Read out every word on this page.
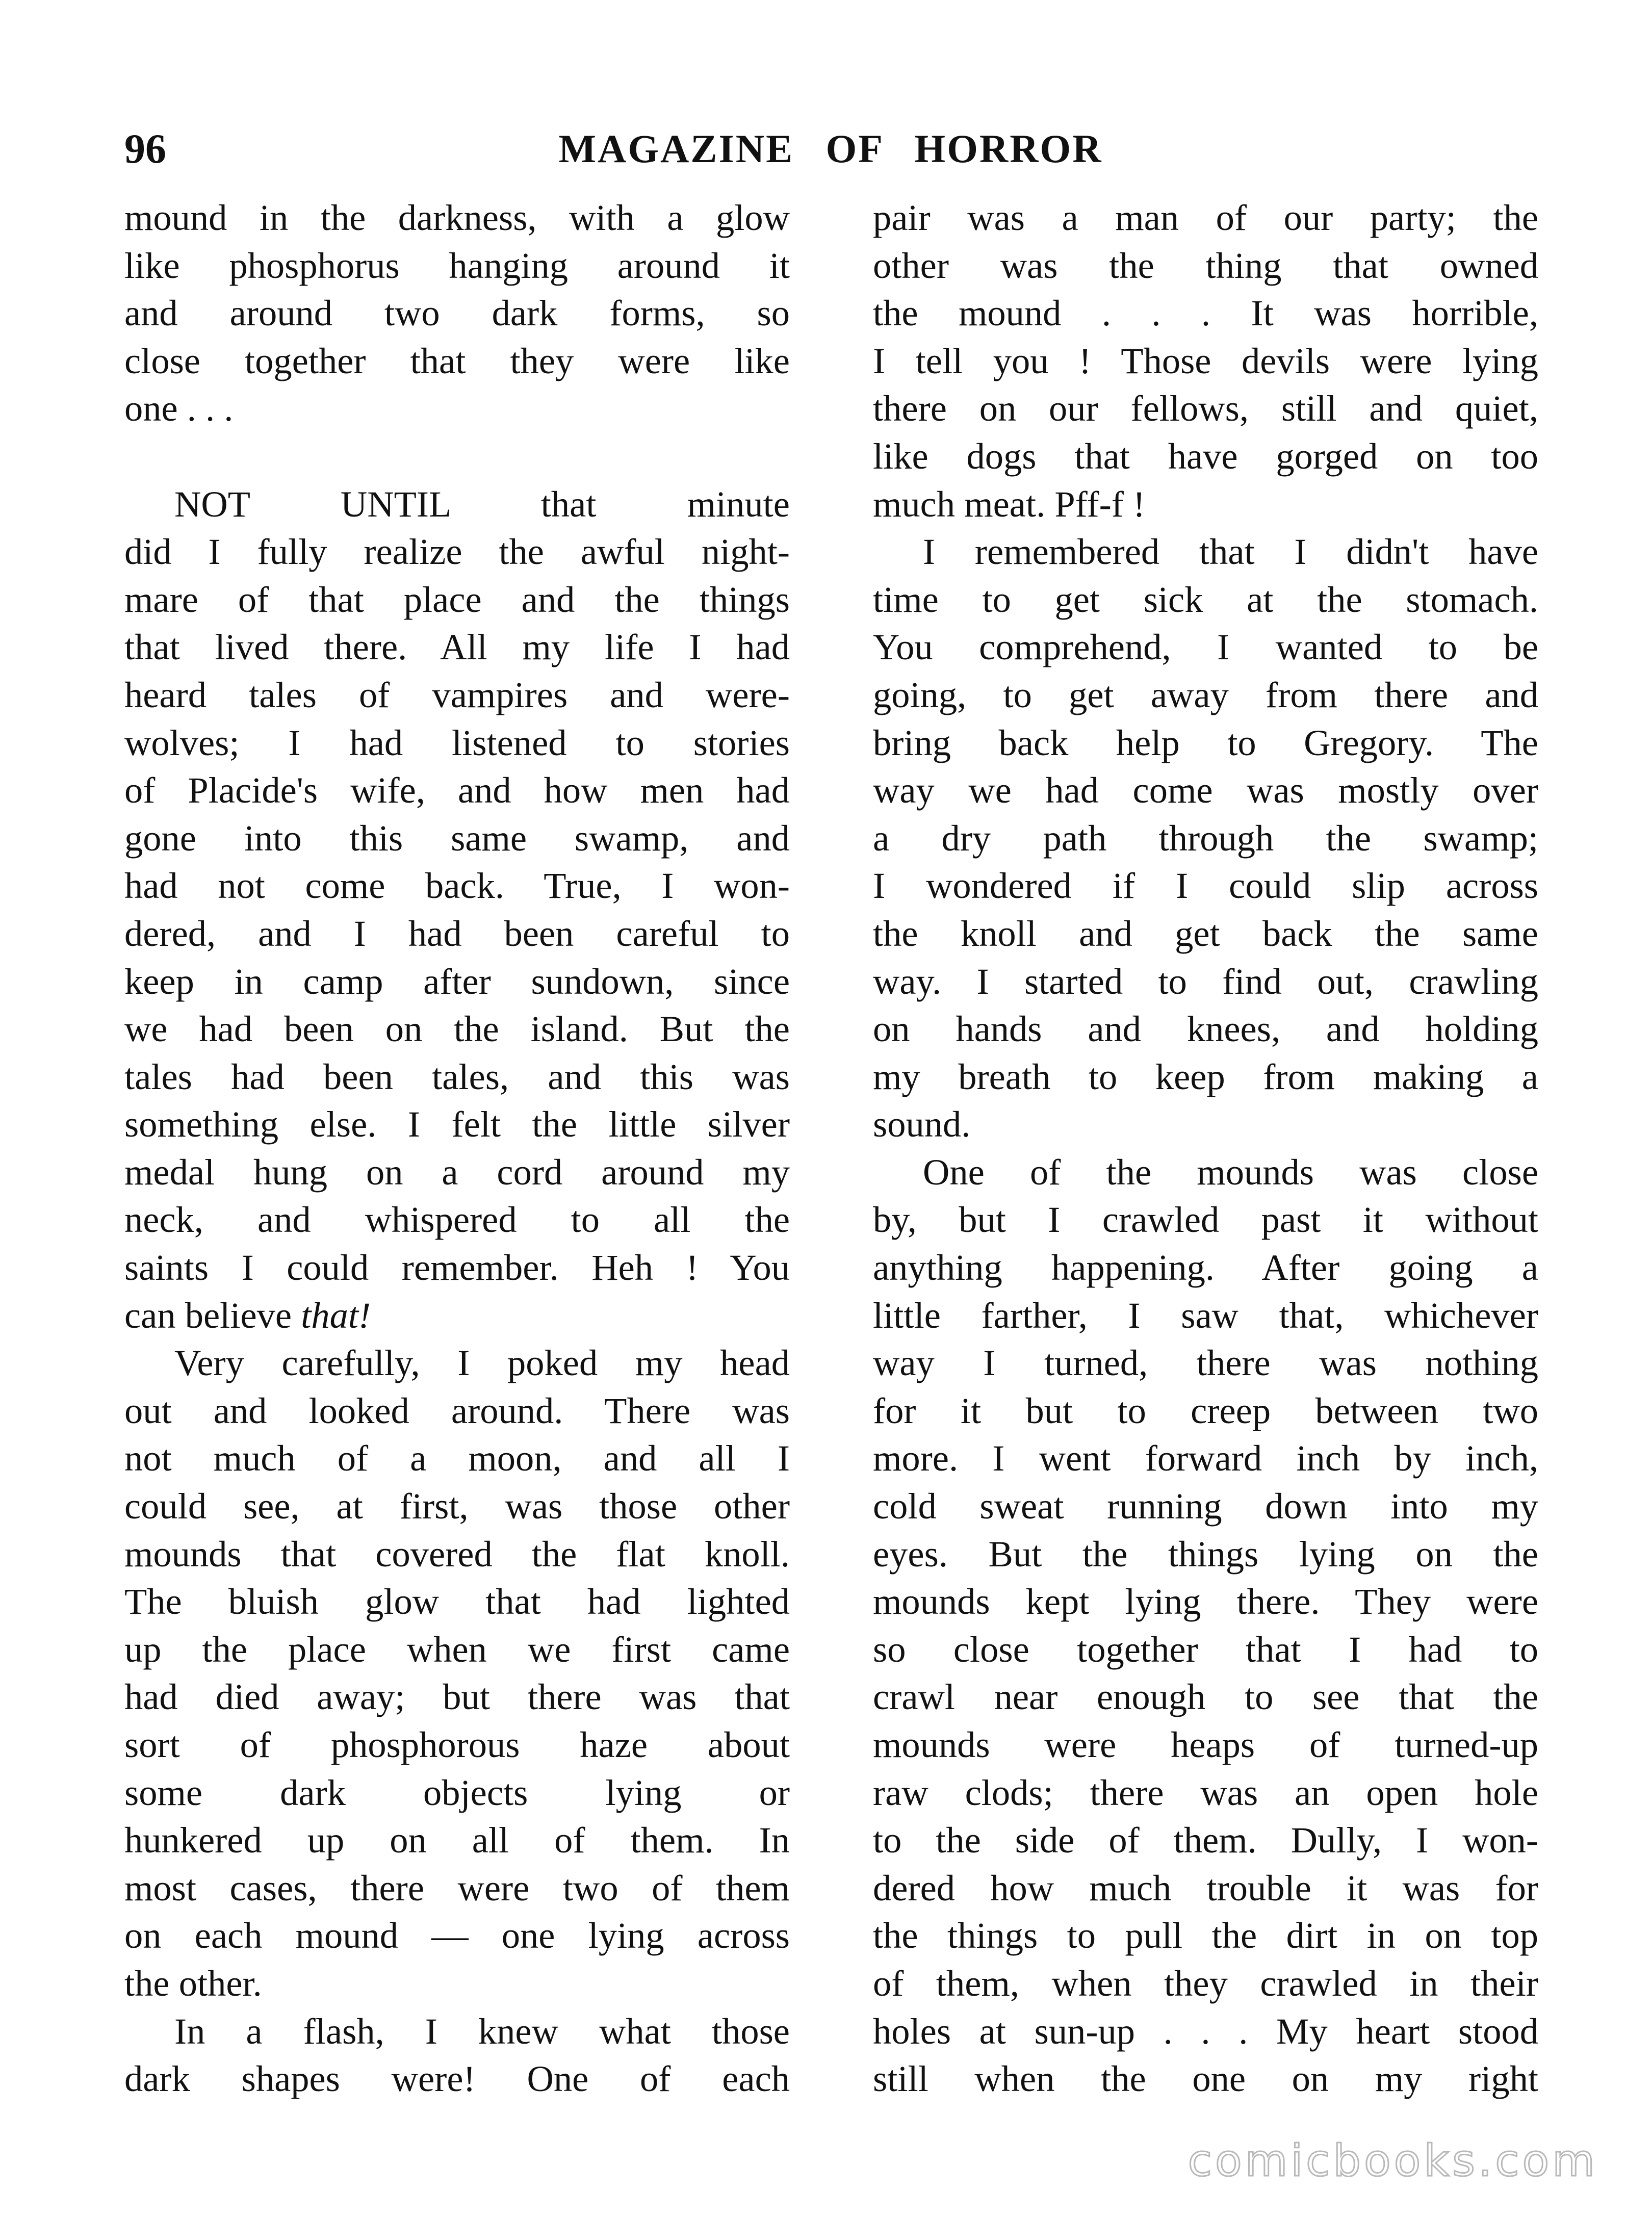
96	MAGAZINE OF HORROR
mound in the darkness, with a glow
like phosphorus hanging around it
and around two dark forms, so
close together that they were like
one . . .
NOT UNTIL that minute
did I fully realize the awful night-
mare of that place and the things
that lived there. All my life I had
heard tales of vampires and were-
wolves; I had listened to stories
of Placide's wife, and how men had
gone into this same swamp, and
had not come back. True, I won-
dered, and I had been careful to
keep in camp after sundown, since
we had been on the island. But the
tales had been tales, and this was
something else. I felt the little silver
medal hung on a cord around my
neck, and whispered to all the
saints I could remember. Heh ! You
can believe that!
Very carefully, I poked my head
out and looked around. There was
not much of a moon, and all I
could see, at first, was those other
mounds that covered the flat knoll.
The bluish glow that had lighted
up the place when we first came
had died away; but there was that
sort of phosphorous haze about
some dark objects lying or
hunkered up on all of them. In
most cases, there were two of them
on each mound — one lying across
the other.
In a flash, I knew what those
dark shapes were! One of each
pair was a man of our party; the
other was the thing that owned
the mound . . . It was horrible,
I tell you ! Those devils were lying
there on our fellows, still and quiet,
like dogs that have gorged on too
much meat. Pff-f !
I remembered that I didn't have
time to get sick at the stomach.
You comprehend, I wanted to be
going, to get away from there and
bring back help to Gregory. The
way we had come was mostly over
a dry path through the swamp;
I wondered if I could slip across
the knoll and get back the same
way. I started to find out, crawling
on hands and knees, and holding
my breath to keep from making a
sound.
One of the mounds was close
by, but I crawled past it without
anything happening. After going a
little farther, I saw that, whichever
way I turned, there was nothing
for it but to creep between two
more. I went forward inch by inch,
cold sweat running down into my
eyes. But the things lying on the
mounds kept lying there. They were
so close together that I had to
crawl near enough to see that the
mounds were heaps of turned-up
raw clods; there was an open hole
to the side of them. Dully, I won-
dered how much trouble it was for
the things to pull the dirt in on top
of them, when they crawled in their
holes at sun-up . . . My heart stood
still when the one on my right
comicbooks.com
